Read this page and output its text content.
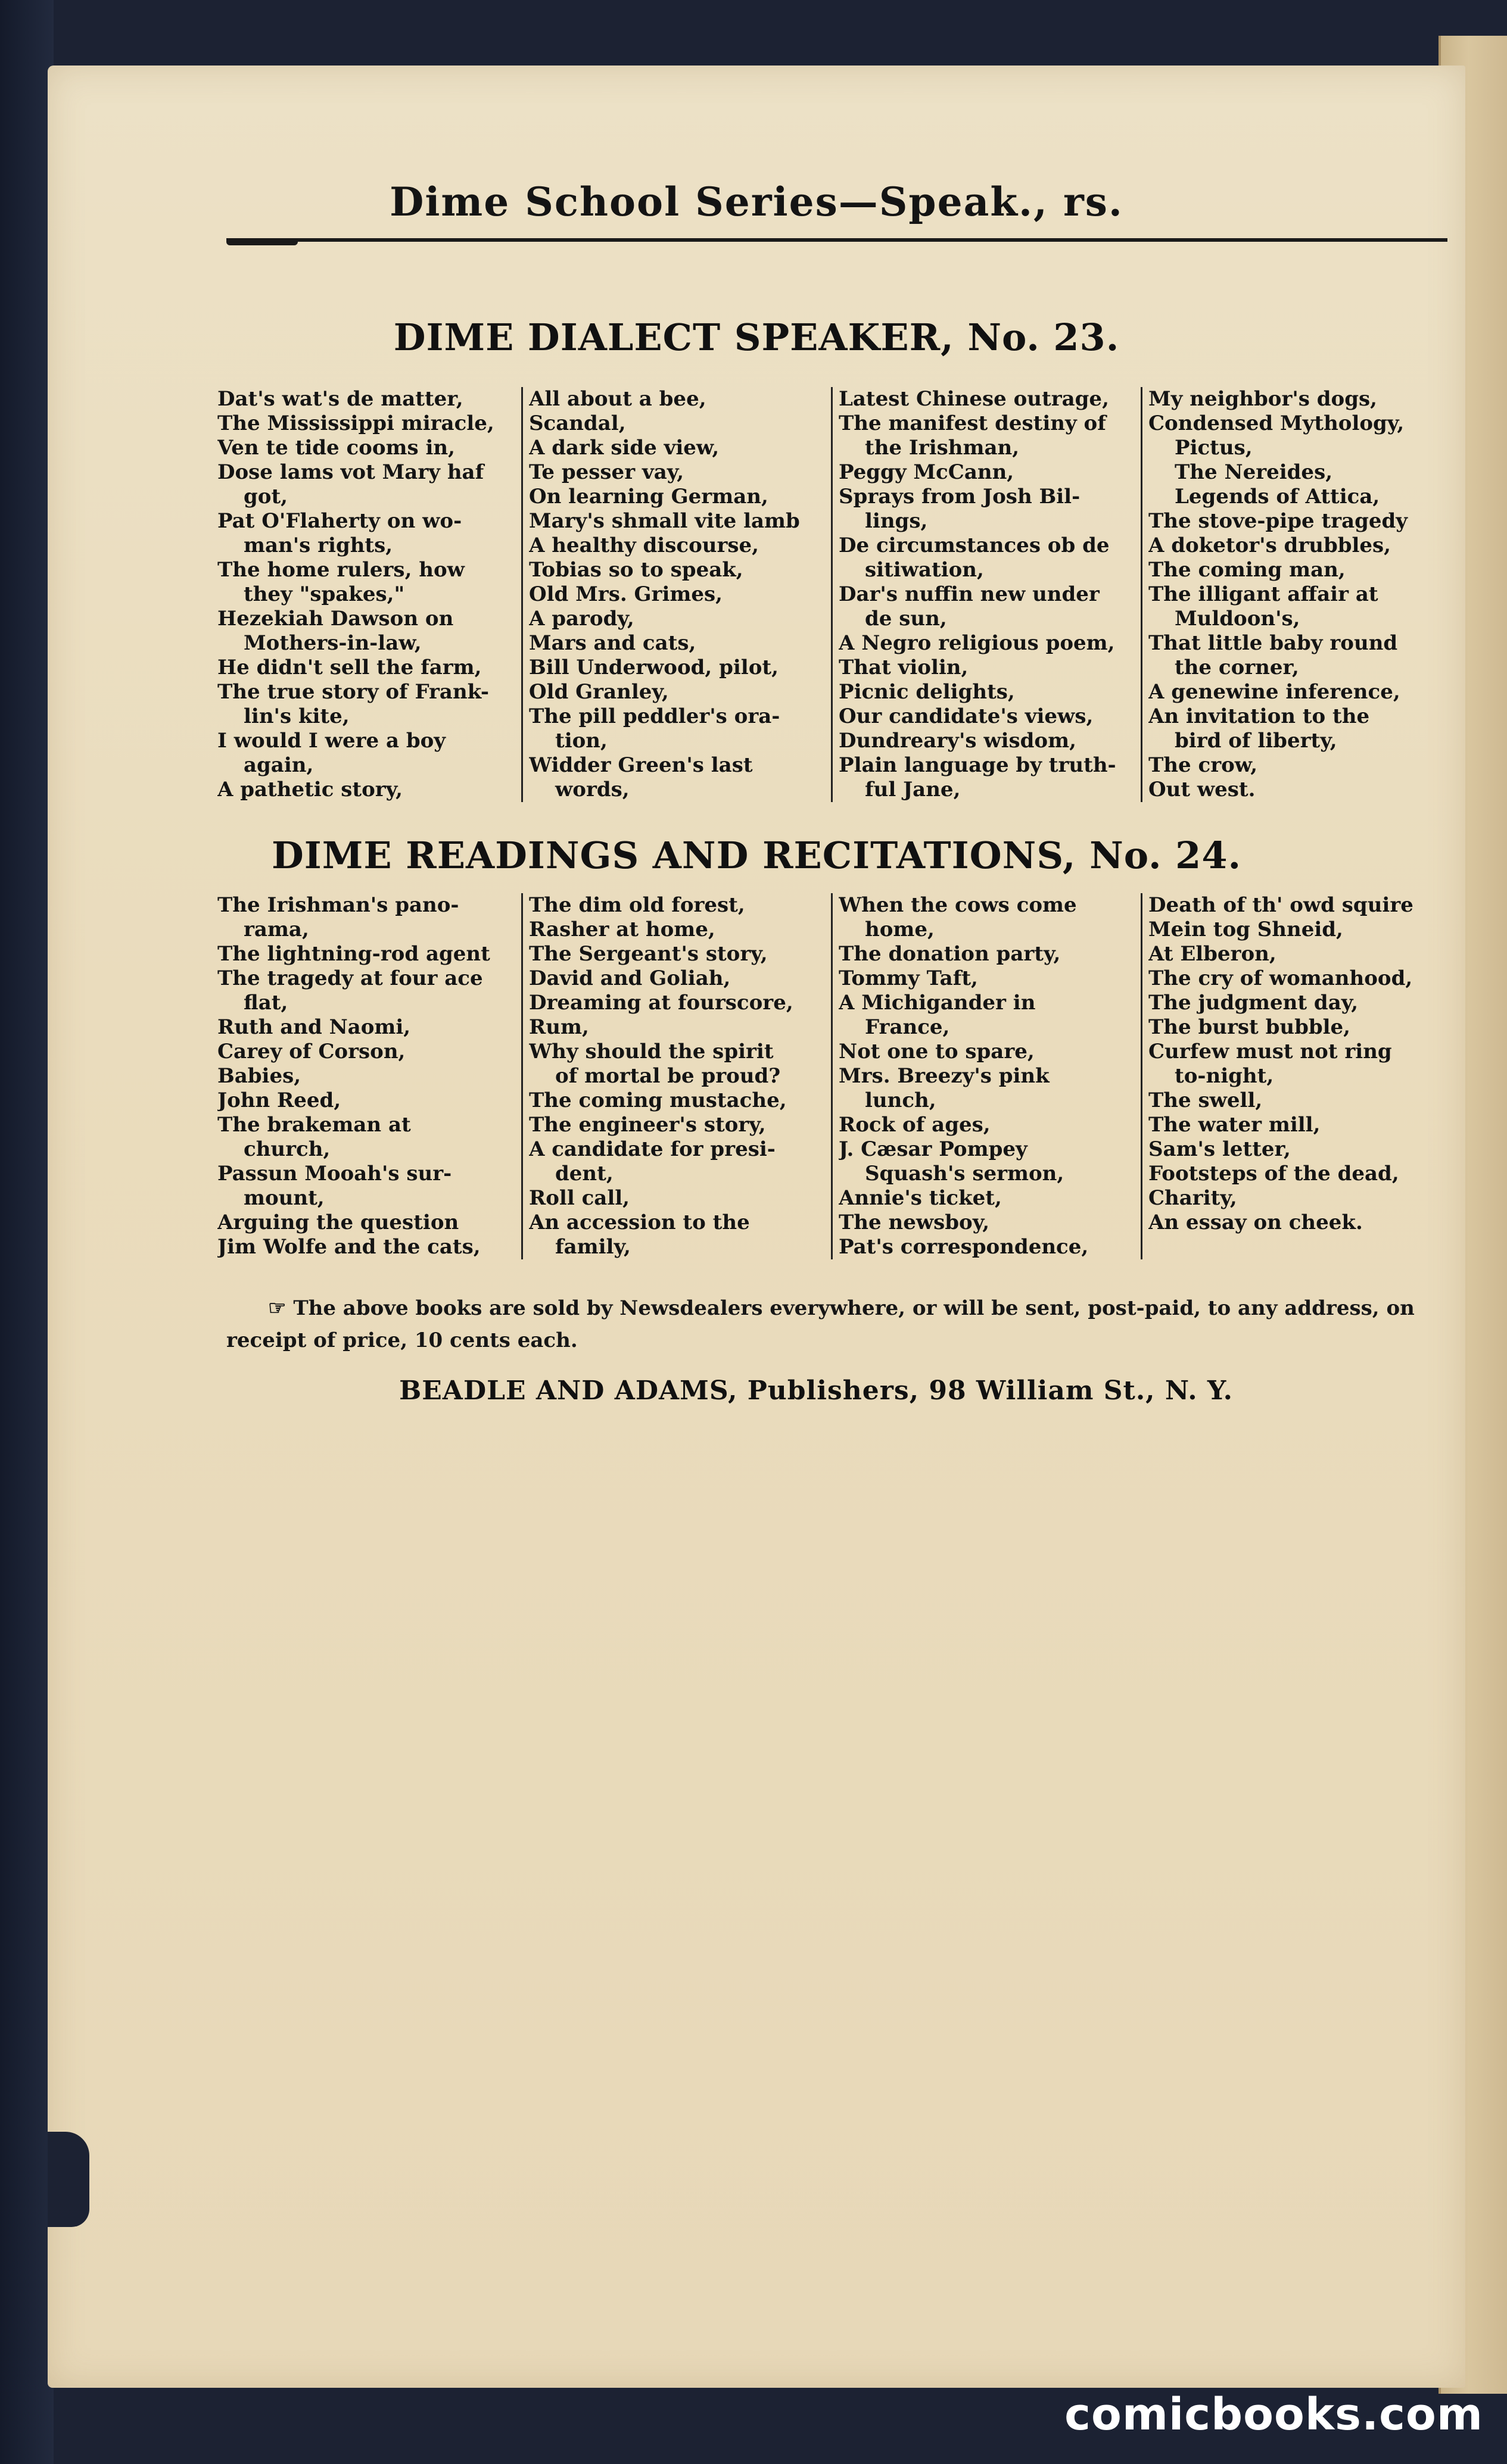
Dime School Series—Speak., rs.
DIME DIALECT SPEAKER, No. 23.
Dat's wat's de matter,
The Mississippi miracle,
Ven te tide cooms in,
Dose lams vot Mary haf
got,
Pat O'Flaherty on wo-
man's rights,
The home rulers, how
they "spakes,"
Hezekiah Dawson on
Mothers-in-law,
He didn't sell the farm,
The true story of Frank-
lin's kite,
I would I were a boy
again,
A pathetic story,
All about a bee,
Scandal,
A dark side view,
Te pesser vay,
On learning German,
Mary's shmall vite lamb
A healthy discourse,
Tobias so to speak,
Old Mrs. Grimes,
A parody,
Mars and cats,
Bill Underwood, pilot,
Old Granley,
The pill peddler's ora-
tion,
Widder Green's last
words,
Latest Chinese outrage,
The manifest destiny of
the Irishman,
Peggy McCann,
Sprays from Josh Bil-
lings,
De circumstances ob de
sitiwation,
Dar's nuffin new under
de sun,
A Negro religious poem,
That violin,
Picnic delights,
Our candidate's views,
Dundreary's wisdom,
Plain language by truth-
ful Jane,
My neighbor's dogs,
Condensed Mythology,
Pictus,
The Nereides,
Legends of Attica,
The stove-pipe tragedy
A doketor's drubbles,
The coming man,
The illigant affair at
Muldoon's,
That little baby round
the corner,
A genewine inference,
An invitation to the
bird of liberty,
The crow,
Out west.
DIME READINGS AND RECITATIONS, No. 24.
The Irishman's pano-
rama,
The lightning-rod agent
The tragedy at four ace
flat,
Ruth and Naomi,
Carey of Corson,
Babies,
John Reed,
The brakeman at
church,
Passun Mooah's sur-
mount,
Arguing the question
Jim Wolfe and the cats,
The dim old forest,
Rasher at home,
The Sergeant's story,
David and Goliah,
Dreaming at fourscore,
Rum,
Why should the spirit
of mortal be proud?
The coming mustache,
The engineer's story,
A candidate for presi-
dent,
Roll call,
An accession to the
family,
When the cows come
home,
The donation party,
Tommy Taft,
A Michigander in
France,
Not one to spare,
Mrs. Breezy's pink
lunch,
Rock of ages,
J. Cæsar Pompey
Squash's sermon,
Annie's ticket,
The newsboy,
Pat's correspondence,
Death of th' owd squire
Mein tog Shneid,
At Elberon,
The cry of womanhood,
The judgment day,
The burst bubble,
Curfew must not ring
to-night,
The swell,
The water mill,
Sam's letter,
Footsteps of the dead,
Charity,
An essay on cheek.
☞ The above books are sold by Newsdealers everywhere, or will be sent, post-paid, to any address, on receipt of price, 10 cents each.
BEADLE AND ADAMS, Publishers, 98 William St., N. Y.
comicbooks.com
